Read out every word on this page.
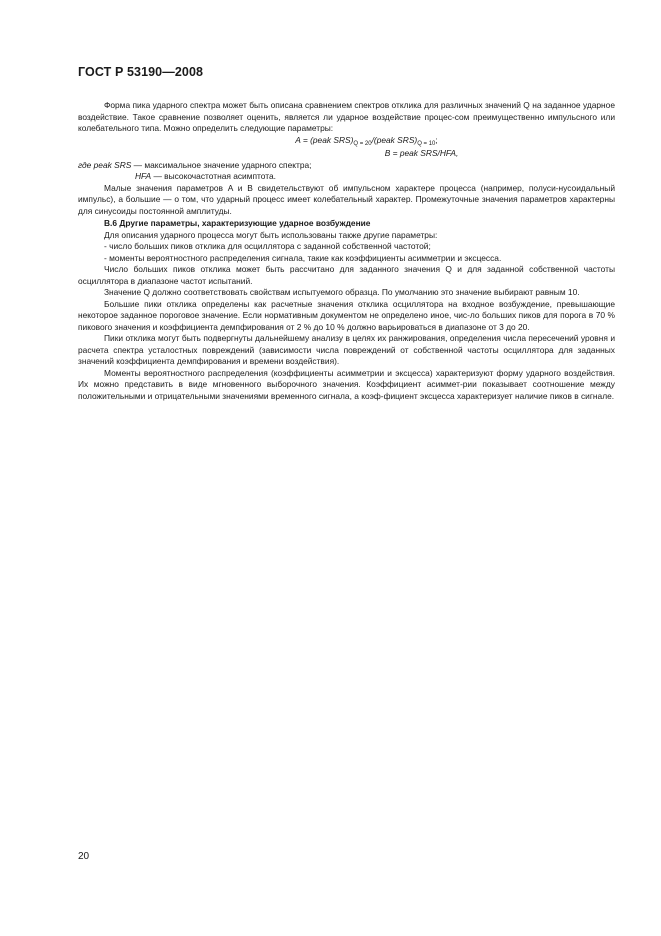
ГОСТ Р 53190—2008

Форма пика ударного спектра может быть описана сравнением спектров отклика для различных значений Q на заданное ударное воздействие. Такое сравнение позволяет оценить, является ли ударное воздействие процес-сом преимущественно импульсного или колебательного типа. Можно определить следующие параметры:

A = (peak $SRS)_{Q = 20}/(peak$ $SRS)_{Q = 10}$;

B = peak SRS/HFA,

где peak SRS — максимальное значение ударного спектра;

HFA — высокочастотная асимптота.

Малые значения параметров A и B свидетельствуют об импульсном характере процесса (например, полуси-нусоидальный импульс), а большие — о том, что ударный процесс имеет колебательный характер. Промежуточные значения параметров характерны для синусоиды постоянной амплитуды.

В.6 Другие параметры, характеризующие ударное возбуждение

Для описания ударного процесса могут быть использованы также другие параметры:

- число больших пиков отклика для осциллятора с заданной собственной частотой;

- моменты вероятностного распределения сигнала, такие как коэффициенты асимметрии и эксцесса.

Число больших пиков отклика может быть рассчитано для заданного значения Q и для заданной собственной частоты осциллятора в диапазоне частот испытаний.

Значение Q должно соответствовать свойствам испытуемого образца. По умолчанию это значение выбирают равным 10.

Большие пики отклика определены как расчетные значения отклика осциллятора на входное возбуждение, превышающие некоторое заданное пороговое значение. Если нормативным документом не определено иное, чис-ло больших пиков для порога в 70 % пикового значения и коэффициента демпфирования от 2 % до 10 % должно варьироваться в диапазоне от 3 до 20.

Пики отклика могут быть подвергнуты дальнейшему анализу в целях их ранжирования, определения числа пересечений уровня и расчета спектра усталостных повреждений (зависимости числа повреждений от собственной частоты осциллятора для заданных значений коэффициента демпфирования и времени воздействия).

Моменты вероятностного распределения (коэффициенты асимметрии и эксцесса) характеризуют форму ударного воздействия. Их можно представить в виде мгновенного выборочного значения. Коэффициент асиммет-рии показывает соотношение между положительными и отрицательными значениями временного сигнала, а коэф-фициент эксцесса характеризует наличие пиков в сигнале.

20
